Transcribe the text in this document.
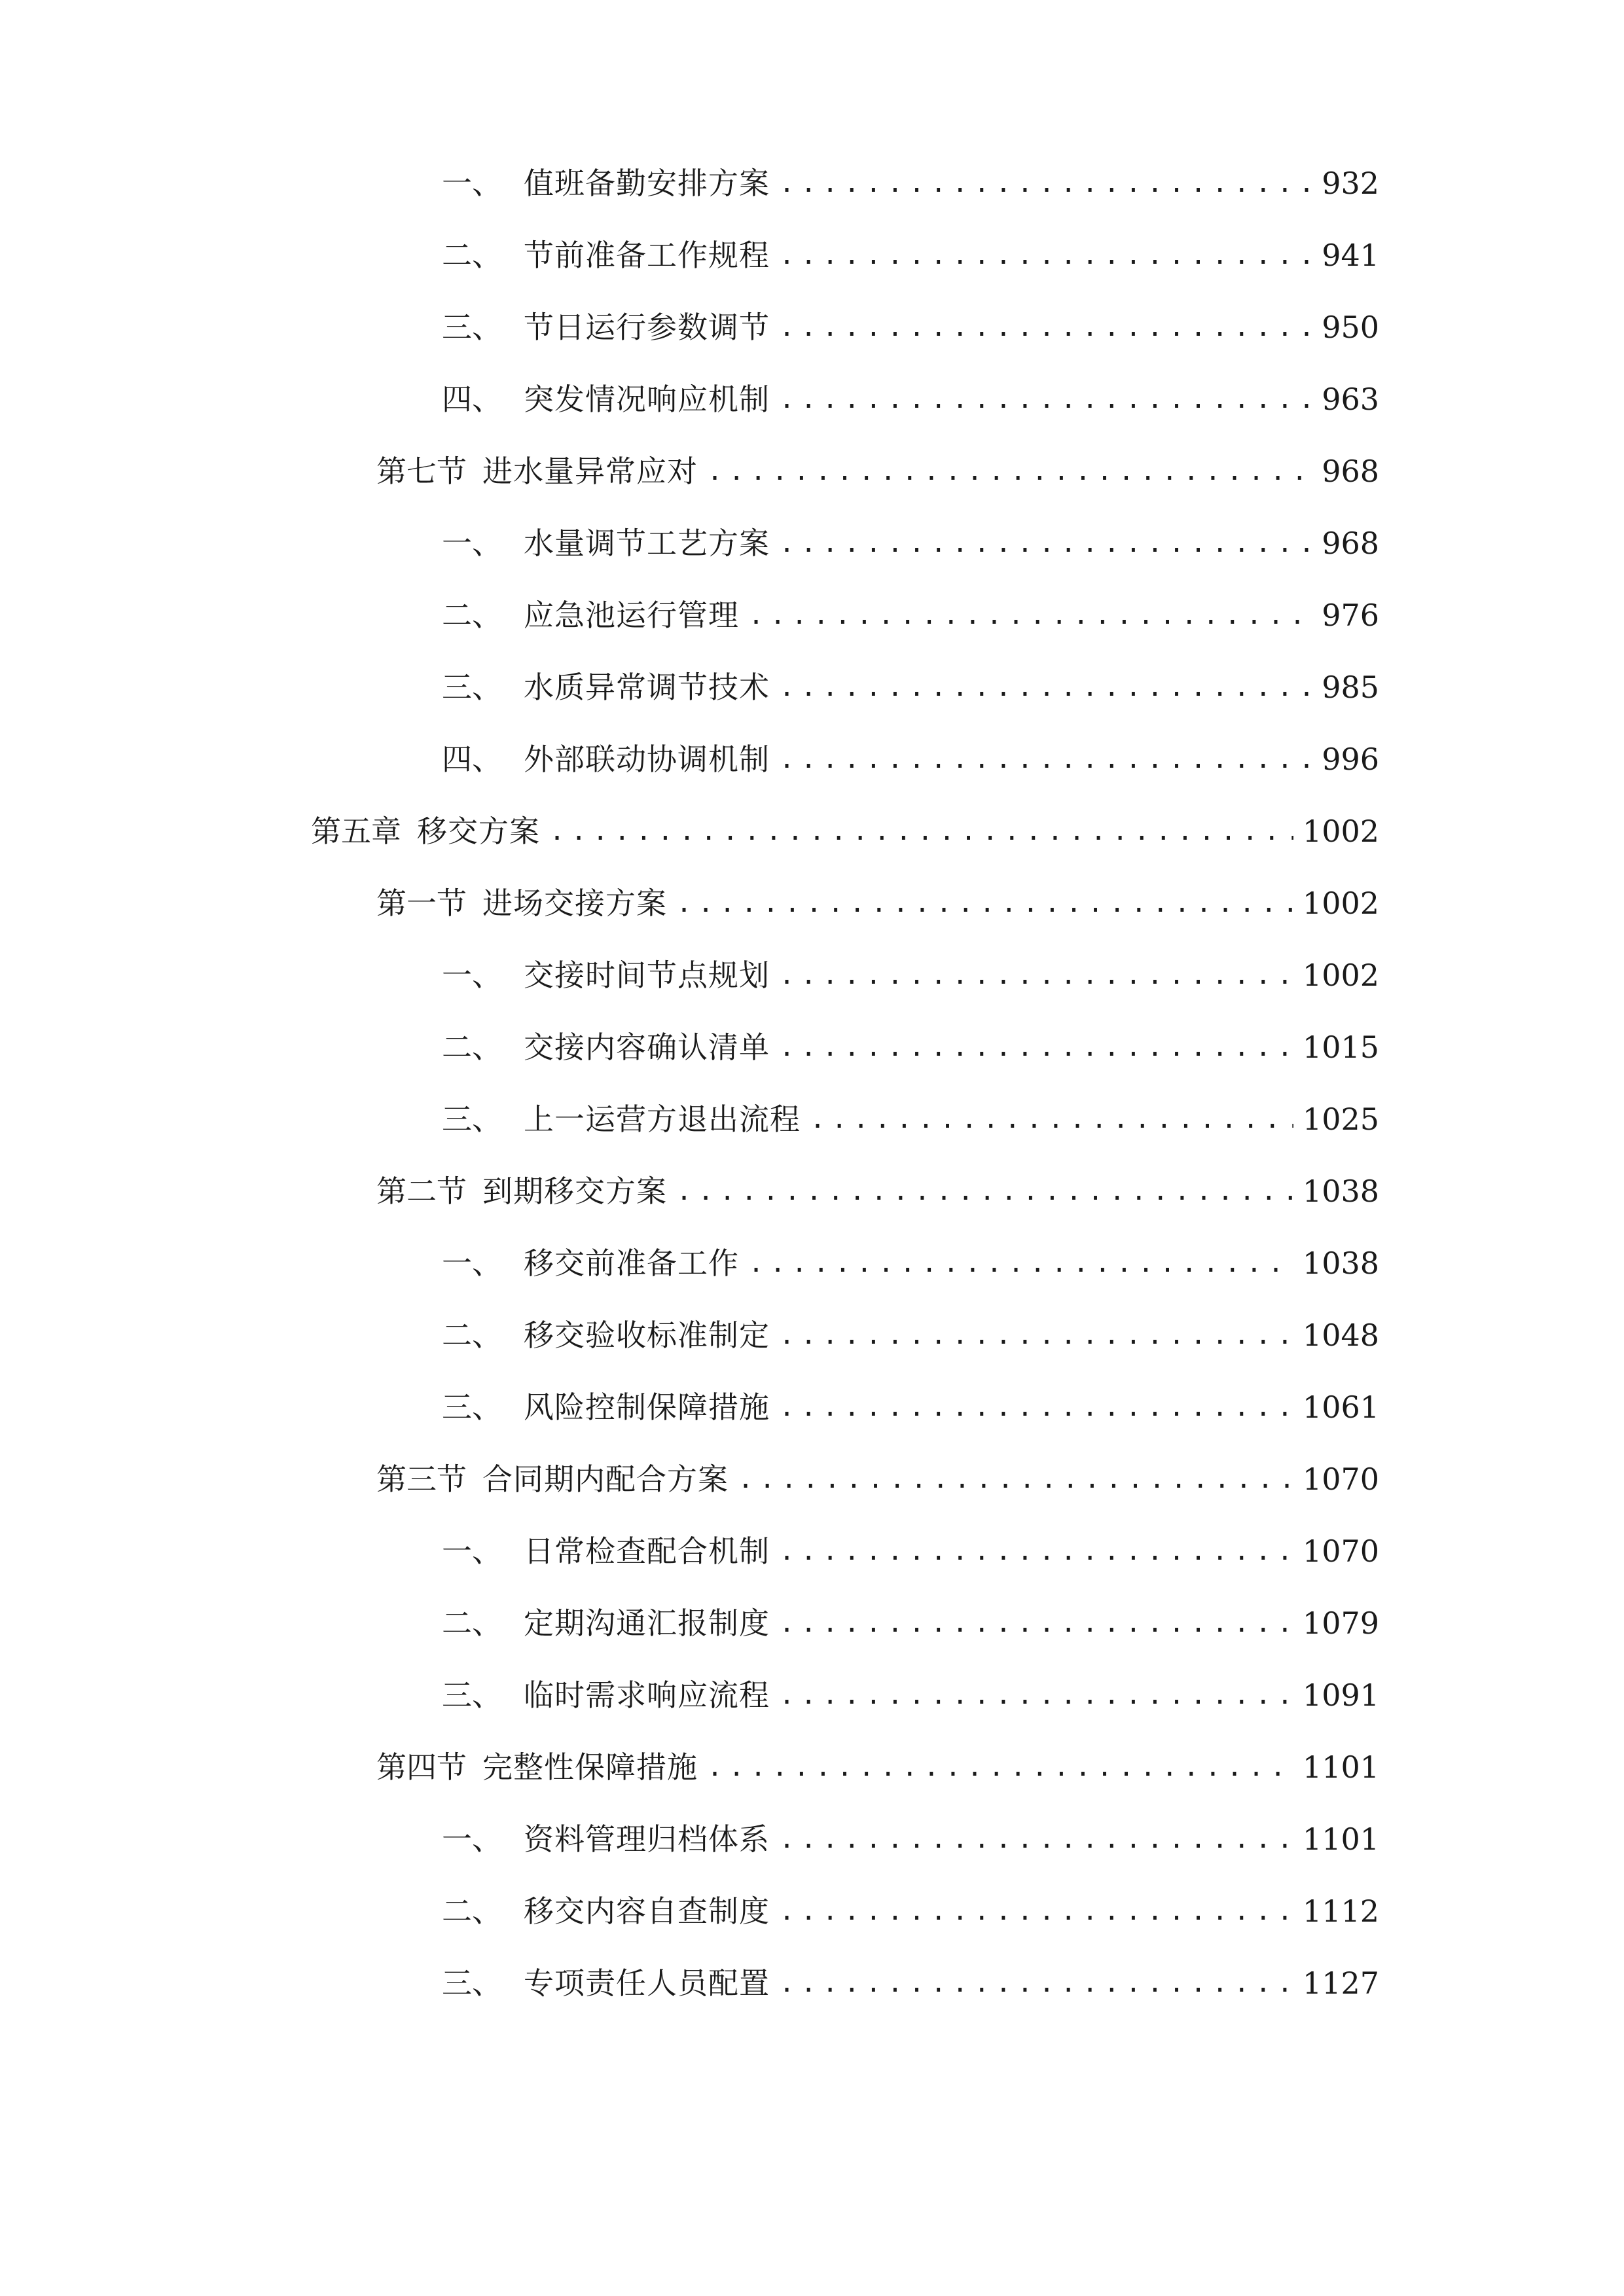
一、 值班备勤安排方案 .....	932
二、 节前准备工作规程 .....	941
三、 节日运行参数调节 .....	950
四、 突发情况响应机制 .....	963
第七节 进水量异常应对 .....	968
一、 水量调节工艺方案 .....	968
二、 应急池运行管理 .....	976
三、 水质异常调节技术 .....	985
四、 外部联动协调机制 .....	996
第五章 移交方案 .....	1002
第一节 进场交接方案 .....	1002
一、 交接时间节点规划 .....	1002
二、 交接内容确认清单 .....	1015
三、 上一运营方退出流程 .....	1025
第二节 到期移交方案 .....	1038
一、 移交前准备工作 .....	1038
二、 移交验收标准制定 .....	1048
三、 风险控制保障措施 .....	1061
第三节 合同期内配合方案 .....	1070
一、 日常检查配合机制 .....	1070
二、 定期沟通汇报制度 .....	1079
三、 临时需求响应流程 .....	1091
第四节 完整性保障措施 .....	1101
一、 资料管理归档体系 .....	1101
二、 移交内容自查制度 .....	1112
三、 专项责任人员配置 .....	1127
